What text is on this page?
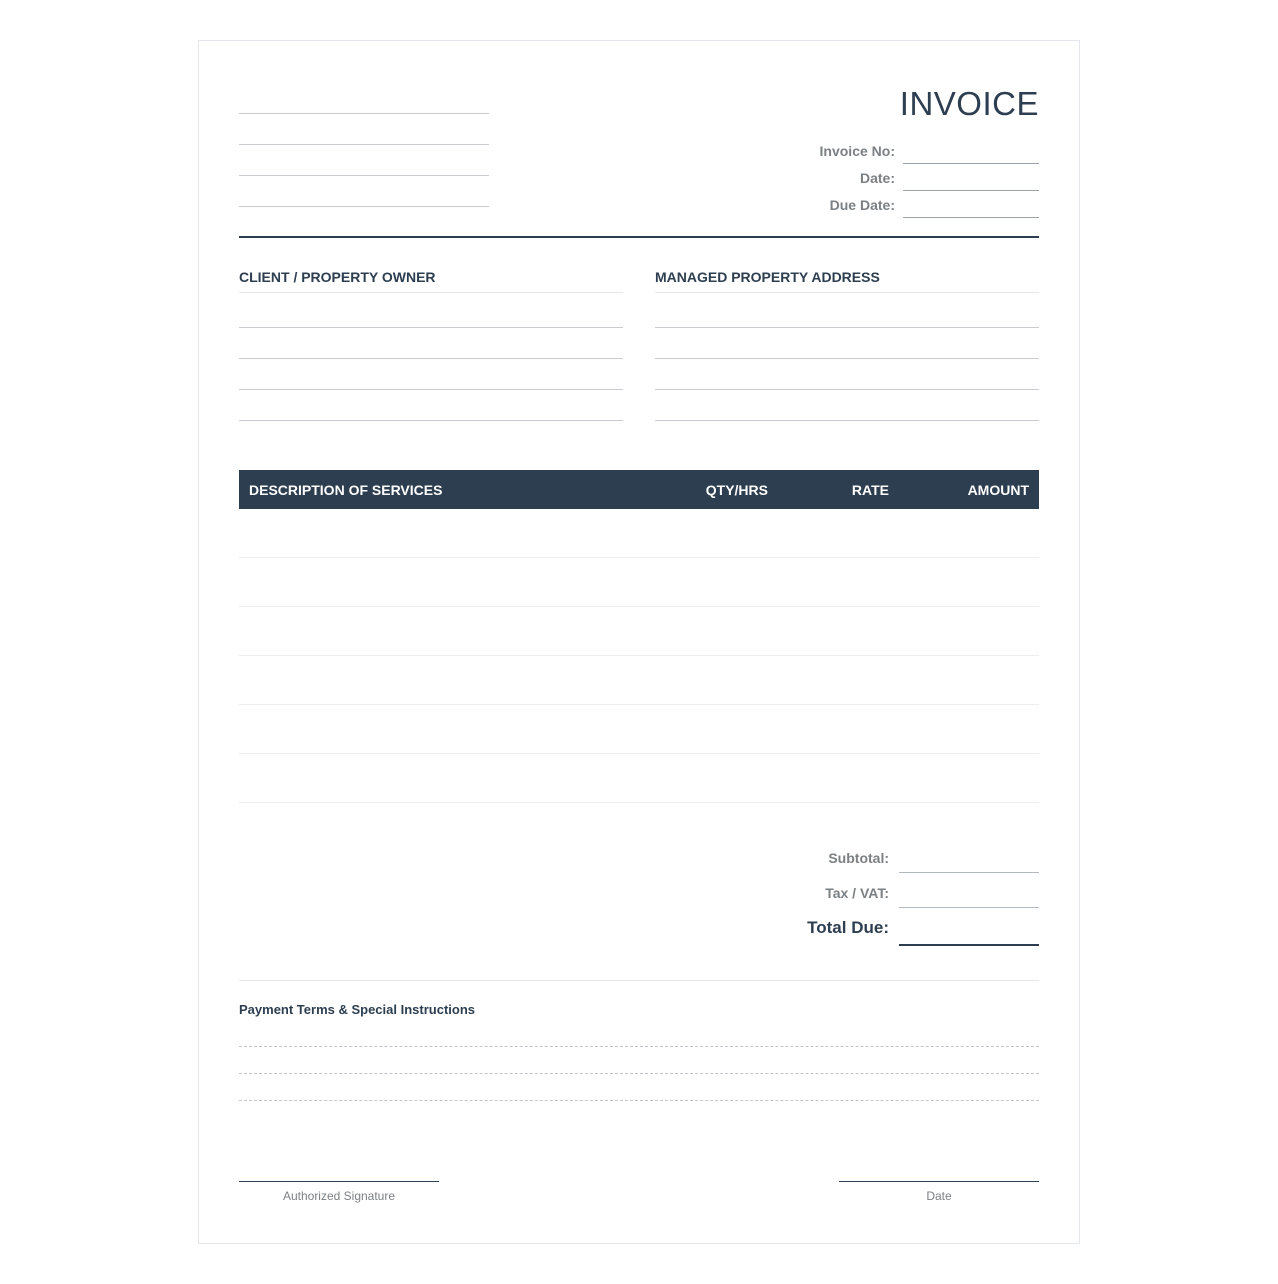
INVOICE
Invoice No:
Date:
Due Date:
CLIENT / PROPERTY OWNER	MANAGED PROPERTY ADDRESS
DESCRIPTION OF SERVICES	QTY/HRS	RATE	AMOUNT
Subtotal:
Tax / VAT:
Total Due:
Payment Terms & Special Instructions
Authorized Signature	Date
